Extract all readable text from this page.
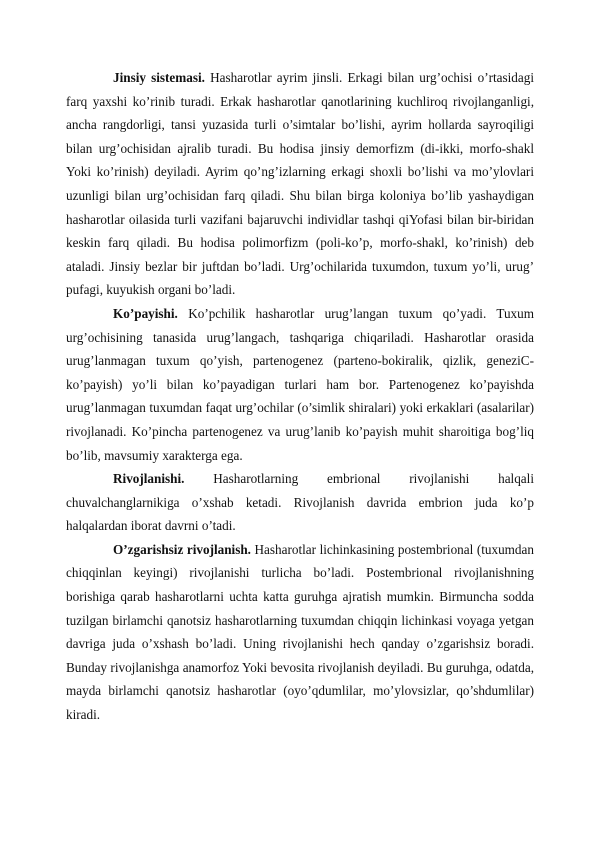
Jinsiy sistemasi. Hasharotlar ayrim jinsli. Erkagi bilan urg’ochisi o’rtasidagi farq yaxshi ko’rinib turadi. Erkak hasharotlar qanotlarining kuchliroq rivojlanganligi, ancha rangdorligi, tansi yuzasida turli o’simtalar bo’lishi, ayrim hollarda sayroqiligi bilan urg’ochisidan ajralib turadi. Bu hodisa jinsiy demorfizm (di-ikki, morfo-shakl Yoki ko’rinish) deyiladi. Ayrim qo’ng’izlarning erkagi shoxli bo’lishi va mo’ylovlari uzunligi bilan urg’ochisidan farq qiladi. Shu bilan birga koloniya bo’lib yashaydigan hasharotlar oilasida turli vazifani bajaruvchi individlar tashqi qiYofasi bilan bir-biridan keskin farq qiladi. Bu hodisa polimorfizm (poli-ko’p, morfo-shakl, ko’rinish) deb ataladi. Jinsiy bezlar bir juftdan bo’ladi. Urg’ochilarida tuxumdon, tuxum yo’li, urug’ pufagi, kuyukish organi bo’ladi.

Ko’payishi. Ko’pchilik hasharotlar urug’langan tuxum qo’yadi. Tuxum urg’ochisining tanasida urug’langach, tashqariga chiqariladi. Hasharotlar orasida urug’lanmagan tuxum qo’yish, partenogenez (parteno-bokiralik, qizlik, geneziC-ko’payish) yo’li bilan ko’payadigan turlari ham bor. Partenogenez ko’payishda urug’lanmagan tuxumdan faqat urg’ochilar (o’simlik shiralari) yoki erkaklari (asalarilar) rivojlanadi. Ko’pincha partenogenez va urug’lanib ko’payish muhit sharoitiga bog’liq bo’lib, mavsumiy xarakterga ega.

Rivojlanishi. Hasharotlarning embrional rivojlanishi halqali chuvalchanglarnikiga o’xshab ketadi. Rivojlanish davrida embrion juda ko’p halqalardan iborat davrni o’tadi.

O’zgarishsiz rivojlanish. Hasharotlar lichinkasining postembrional (tuxumdan chiqqinlan keyingi) rivojlanishi turlicha bo’ladi. Postembrional rivojlanishning borishiga qarab hasharotlarni uchta katta guruhga ajratish mumkin. Birmuncha sodda tuzilgan birlamchi qanotsiz hasharotlarning tuxumdan chiqqin lichinkasi voyaga yetgan davriga juda o’xshash bo’ladi. Uning rivojlanishi hech qanday o’zgarishsiz boradi. Bunday rivojlanishga anamorfoz Yoki bevosita rivojlanish deyiladi. Bu guruhga, odatda, mayda birlamchi qanotsiz hasharotlar (oyo’qdumlilar, mo’ylovsizlar, qo’shdumlilar) kiradi.
